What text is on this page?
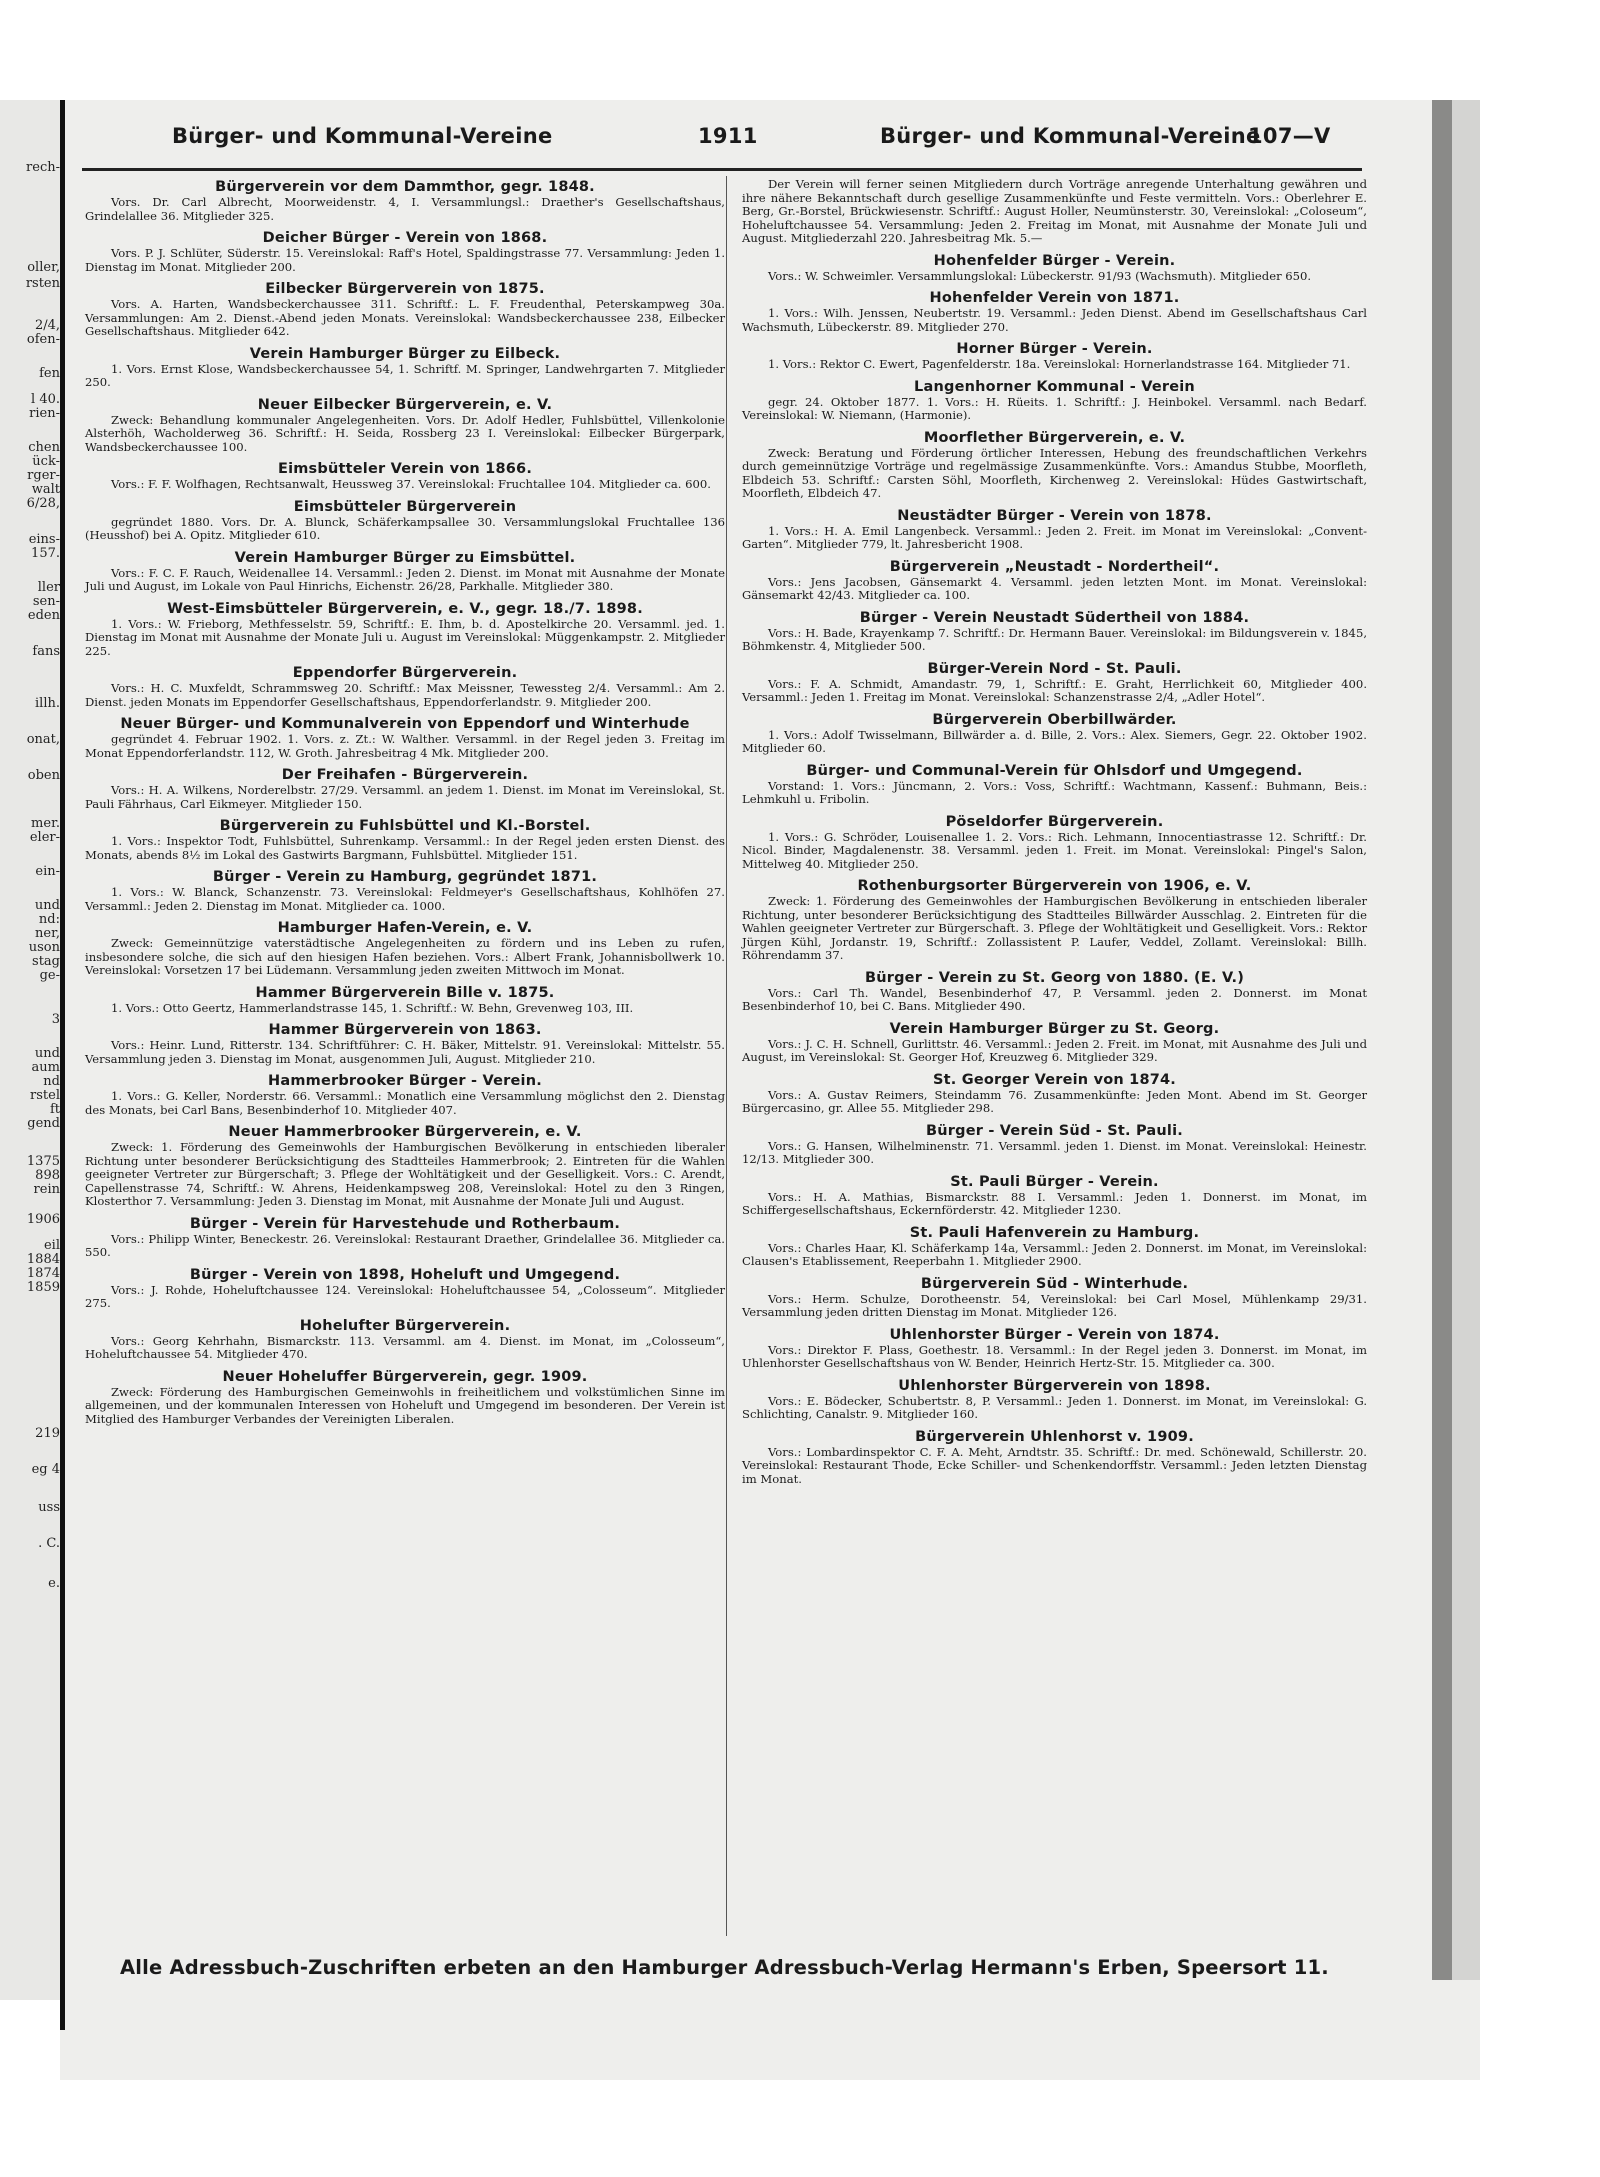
rech-
oller,
rsten
2/4,
ofen-
fen
l 40.
rien-
chen
ück-
rger-
walt
6/28,
eins-
157.
ller
sen-
eden
fans
illh.
onat,
oben
mer.
eler-
ein-
und
nd:
ner,
uson
stag
ge-
3
und
aum
nd
rstel
ft
gend
1375
898
rein
1906
eil
1884
1874
1859
219
eg 4
uss
. C.
e.
Bürger- und Kommunal-Vereine	1911	Bürger- und Kommunal-Vereine
107—V
Bürgerverein vor dem Dammthor, gegr. 1848.
Vors. Dr. Carl Albrecht, Moorweidenstr. 4, I. Versammlungsl.: Draether's Gesellschaftshaus, Grindelallee 36. Mitglieder 325.
Deicher Bürger - Verein von 1868.
Vors. P. J. Schlüter, Süderstr. 15. Vereinslokal: Raff's Hotel, Spaldingstrasse 77. Versammlung: Jeden 1. Dienstag im Monat. Mitglieder 200.
Eilbecker Bürgerverein von 1875.
Vors. A. Harten, Wandsbeckerchaussee 311. Schriftf.: L. F. Freudenthal, Peterskampweg 30a. Versammlungen: Am 2. Dienst.-Abend jeden Monats. Vereinslokal: Wandsbeckerchaussee 238, Eilbecker Gesellschaftshaus. Mitglieder 642.
Verein Hamburger Bürger zu Eilbeck.
1. Vors. Ernst Klose, Wandsbeckerchaussee 54, 1. Schriftf. M. Springer, Landwehrgarten 7. Mitglieder 250.
Neuer Eilbecker Bürgerverein, e. V.
Zweck: Behandlung kommunaler Angelegenheiten. Vors. Dr. Adolf Hedler, Fuhlsbüttel, Villenkolonie Alsterhöh, Wacholderweg 36. Schriftf.: H. Seida, Rossberg 23 I. Vereinslokal: Eilbecker Bürgerpark, Wandsbeckerchaussee 100.
Eimsbütteler Verein von 1866.
Vors.: F. F. Wolfhagen, Rechtsanwalt, Heussweg 37. Vereinslokal: Fruchtallee 104. Mitglieder ca. 600.
Eimsbütteler Bürgerverein
gegründet 1880. Vors. Dr. A. Blunck, Schäferkampsallee 30. Versammlungslokal Fruchtallee 136 (Heusshof) bei A. Opitz. Mitglieder 610.
Verein Hamburger Bürger zu Eimsbüttel.
Vors.: F. C. F. Rauch, Weidenallee 14. Versamml.: Jeden 2. Dienst. im Monat mit Ausnahme der Monate Juli und August, im Lokale von Paul Hinrichs, Eichenstr. 26/28, Parkhalle. Mitglieder 380.
West-Eimsbütteler Bürgerverein, e. V., gegr. 18./7. 1898.
1. Vors.: W. Frieborg, Methfesselstr. 59, Schriftf.: E. Ihm, b. d. Apostelkirche 20. Versamml. jed. 1. Dienstag im Monat mit Ausnahme der Monate Juli u. August im Vereinslokal: Müggenkampstr. 2. Mitglieder 225.
Eppendorfer Bürgerverein.
Vors.: H. C. Muxfeldt, Schrammsweg 20. Schriftf.: Max Meissner, Tewessteg 2/4. Versamml.: Am 2. Dienst. jeden Monats im Eppendorfer Gesellschaftshaus, Eppendorferlandstr. 9. Mitglieder 200.
Neuer Bürger- und Kommunalverein von Eppendorf und Winterhude
gegründet 4. Februar 1902. 1. Vors. z. Zt.: W. Walther. Versamml. in der Regel jeden 3. Freitag im Monat Eppendorferlandstr. 112, W. Groth. Jahresbeitrag 4 Mk. Mitglieder 200.
Der Freihafen - Bürgerverein.
Vors.: H. A. Wilkens, Norderelbstr. 27/29. Versamml. an jedem 1. Dienst. im Monat im Vereinslokal, St. Pauli Fährhaus, Carl Eikmeyer. Mitglieder 150.
Bürgerverein zu Fuhlsbüttel und Kl.-Borstel.
1. Vors.: Inspektor Todt, Fuhlsbüttel, Suhrenkamp. Versamml.: In der Regel jeden ersten Dienst. des Monats, abends 8½ im Lokal des Gastwirts Bargmann, Fuhlsbüttel. Mitglieder 151.
Bürger - Verein zu Hamburg, gegründet 1871.
1. Vors.: W. Blanck, Schanzenstr. 73. Vereinslokal: Feldmeyer's Gesellschaftshaus, Kohlhöfen 27. Versamml.: Jeden 2. Dienstag im Monat. Mitglieder ca. 1000.
Hamburger Hafen-Verein, e. V.
Zweck: Gemeinnützige vaterstädtische Angelegenheiten zu fördern und ins Leben zu rufen, insbesondere solche, die sich auf den hiesigen Hafen beziehen. Vors.: Albert Frank, Johannisbollwerk 10. Vereinslokal: Vorsetzen 17 bei Lüdemann. Versammlung jeden zweiten Mittwoch im Monat.
Hammer Bürgerverein Bille v. 1875.
1. Vors.: Otto Geertz, Hammerlandstrasse 145, 1. Schriftf.: W. Behn, Grevenweg 103, III.
Hammer Bürgerverein von 1863.
Vors.: Heinr. Lund, Ritterstr. 134. Schriftführer: C. H. Bäker, Mittelstr. 91. Vereinslokal: Mittelstr. 55. Versammlung jeden 3. Dienstag im Monat, ausgenommen Juli, August. Mitglieder 210.
Hammerbrooker Bürger - Verein.
1. Vors.: G. Keller, Norderstr. 66. Versamml.: Monatlich eine Versammlung möglichst den 2. Dienstag des Monats, bei Carl Bans, Besenbinderhof 10. Mitglieder 407.
Neuer Hammerbrooker Bürgerverein, e. V.
Zweck: 1. Förderung des Gemeinwohls der Hamburgischen Bevölkerung in entschieden liberaler Richtung unter besonderer Berücksichtigung des Stadtteiles Hammerbrook; 2. Eintreten für die Wahlen geeigneter Vertreter zur Bürgerschaft; 3. Pflege der Wohltätigkeit und der Geselligkeit. Vors.: C. Arendt, Capellenstrasse 74, Schriftf.: W. Ahrens, Heidenkampsweg 208, Vereinslokal: Hotel zu den 3 Ringen, Klosterthor 7. Versammlung: Jeden 3. Dienstag im Monat, mit Ausnahme der Monate Juli und August.
Bürger - Verein für Harvestehude und Rotherbaum.
Vors.: Philipp Winter, Beneckestr. 26. Vereinslokal: Restaurant Draether, Grindelallee 36. Mitglieder ca. 550.
Bürger - Verein von 1898, Hoheluft und Umgegend.
Vors.: J. Rohde, Hoheluftchaussee 124. Vereinslokal: Hoheluftchaussee 54, „Colosseum“. Mitglieder 275.
Hohelufter Bürgerverein.
Vors.: Georg Kehrhahn, Bismarckstr. 113. Versamml. am 4. Dienst. im Monat, im „Colosseum“, Hoheluftchaussee 54. Mitglieder 470.
Neuer Hoheluffer Bürgerverein, gegr. 1909.
Zweck: Förderung des Hamburgischen Gemeinwohls in freiheitlichem und volkstümlichen Sinne im allgemeinen, und der kommunalen Interessen von Hoheluft und Umgegend im besonderen. Der Verein ist Mitglied des Hamburger Verbandes der Vereinigten Liberalen.
Der Verein will ferner seinen Mitgliedern durch Vorträge anregende Unterhaltung gewähren und ihre nähere Bekanntschaft durch gesellige Zusammenkünfte und Feste vermitteln. Vors.: Oberlehrer E. Berg, Gr.-Borstel, Brückwiesenstr. Schriftf.: August Holler, Neumünsterstr. 30, Vereinslokal: „Coloseum“, Hoheluftchaussee 54. Versammlung: Jeden 2. Freitag im Monat, mit Ausnahme der Monate Juli und August. Mitgliederzahl 220. Jahresbeitrag Mk. 5.—
Hohenfelder Bürger - Verein.
Vors.: W. Schweimler. Versammlungslokal: Lübeckerstr. 91/93 (Wachsmuth). Mitglieder 650.
Hohenfelder Verein von 1871.
1. Vors.: Wilh. Jenssen, Neubertstr. 19. Versamml.: Jeden Dienst. Abend im Gesellschaftshaus Carl Wachsmuth, Lübeckerstr. 89. Mitglieder 270.
Horner Bürger - Verein.
1. Vors.: Rektor C. Ewert, Pagenfelderstr. 18a. Vereinslokal: Hornerlandstrasse 164. Mitglieder 71.
Langenhorner Kommunal - Verein
gegr. 24. Oktober 1877. 1. Vors.: H. Rüeits. 1. Schriftf.: J. Heinbokel. Versamml. nach Bedarf. Vereinslokal: W. Niemann, (Harmonie).
Moorflether Bürgerverein, e. V.
Zweck: Beratung und Förderung örtlicher Interessen, Hebung des freundschaftlichen Verkehrs durch gemeinnützige Vorträge und regelmässige Zusammenkünfte. Vors.: Amandus Stubbe, Moorfleth, Elbdeich 53. Schriftf.: Carsten Söhl, Moorfleth, Kirchenweg 2. Vereinslokal: Hüdes Gastwirtschaft, Moorfleth, Elbdeich 47.
Neustädter Bürger - Verein von 1878.
1. Vors.: H. A. Emil Langenbeck. Versamml.: Jeden 2. Freit. im Monat im Vereinslokal: „Convent-Garten“. Mitglieder 779, lt. Jahresbericht 1908.
Bürgerverein „Neustadt - Nordertheil“.
Vors.: Jens Jacobsen, Gänsemarkt 4. Versamml. jeden letzten Mont. im Monat. Vereinslokal: Gänsemarkt 42/43. Mitglieder ca. 100.
Bürger - Verein Neustadt Südertheil von 1884.
Vors.: H. Bade, Krayenkamp 7. Schriftf.: Dr. Hermann Bauer. Vereinslokal: im Bildungsverein v. 1845, Böhmkenstr. 4, Mitglieder 500.
Bürger-Verein Nord - St. Pauli.
Vors.: F. A. Schmidt, Amandastr. 79, 1, Schriftf.: E. Graht, Herrlichkeit 60, Mitglieder 400. Versamml.: Jeden 1. Freitag im Monat. Vereinslokal: Schanzenstrasse 2/4, „Adler Hotel“.
Bürgerverein Oberbillwärder.
1. Vors.: Adolf Twisselmann, Billwärder a. d. Bille, 2. Vors.: Alex. Siemers, Gegr. 22. Oktober 1902. Mitglieder 60.
Bürger- und Communal-Verein für Ohlsdorf und Umgegend.
Vorstand: 1. Vors.: Jüncmann, 2. Vors.: Voss, Schriftf.: Wachtmann, Kassenf.: Buhmann, Beis.: Lehmkuhl u. Fribolin.
Pöseldorfer Bürgerverein.
1. Vors.: G. Schröder, Louisenallee 1. 2. Vors.: Rich. Lehmann, Innocentiastrasse 12. Schriftf.: Dr. Nicol. Binder, Magdalenenstr. 38. Versamml. jeden 1. Freit. im Monat. Vereinslokal: Pingel's Salon, Mittelweg 40. Mitglieder 250.
Rothenburgsorter Bürgerverein von 1906, e. V.
Zweck: 1. Förderung des Gemeinwohles der Hamburgischen Bevölkerung in entschieden liberaler Richtung, unter besonderer Berücksichtigung des Stadtteiles Billwärder Ausschlag. 2. Eintreten für die Wahlen geeigneter Vertreter zur Bürgerschaft. 3. Pflege der Wohltätigkeit und Geselligkeit. Vors.: Rektor Jürgen Kühl, Jordanstr. 19, Schriftf.: Zollassistent P. Laufer, Veddel, Zollamt. Vereinslokal: Billh. Röhrendamm 37.
Bürger - Verein zu St. Georg von 1880. (E. V.)
Vors.: Carl Th. Wandel, Besenbinderhof 47, P. Versamml. jeden 2. Donnerst. im Monat Besenbinderhof 10, bei C. Bans. Mitglieder 490.
Verein Hamburger Bürger zu St. Georg.
Vors.: J. C. H. Schnell, Gurlittstr. 46. Versamml.: Jeden 2. Freit. im Monat, mit Ausnahme des Juli und August, im Vereinslokal: St. Georger Hof, Kreuzweg 6. Mitglieder 329.
St. Georger Verein von 1874.
Vors.: A. Gustav Reimers, Steindamm 76. Zusammenkünfte: Jeden Mont. Abend im St. Georger Bürgercasino, gr. Allee 55. Mitglieder 298.
Bürger - Verein Süd - St. Pauli.
Vors.: G. Hansen, Wilhelminenstr. 71. Versamml. jeden 1. Dienst. im Monat. Vereinslokal: Heinestr. 12/13. Mitglieder 300.
St. Pauli Bürger - Verein.
Vors.: H. A. Mathias, Bismarckstr. 88 I. Versamml.: Jeden 1. Donnerst. im Monat, im Schiffergesellschaftshaus, Eckernförderstr. 42. Mitglieder 1230.
St. Pauli Hafenverein zu Hamburg.
Vors.: Charles Haar, Kl. Schäferkamp 14a, Versamml.: Jeden 2. Donnerst. im Monat, im Vereinslokal: Clausen's Etablissement, Reeperbahn 1. Mitglieder 2900.
Bürgerverein Süd - Winterhude.
Vors.: Herm. Schulze, Dorotheenstr. 54, Vereinslokal: bei Carl Mosel, Mühlenkamp 29/31. Versammlung jeden dritten Dienstag im Monat. Mitglieder 126.
Uhlenhorster Bürger - Verein von 1874.
Vors.: Direktor F. Plass, Goethestr. 18. Versamml.: In der Regel jeden 3. Donnerst. im Monat, im Uhlenhorster Gesellschaftshaus von W. Bender, Heinrich Hertz-Str. 15. Mitglieder ca. 300.
Uhlenhorster Bürgerverein von 1898.
Vors.: E. Bödecker, Schubertstr. 8, P. Versamml.: Jeden 1. Donnerst. im Monat, im Vereinslokal: G. Schlichting, Canalstr. 9. Mitglieder 160.
Bürgerverein Uhlenhorst v. 1909.
Vors.: Lombardinspektor C. F. A. Meht, Arndtstr. 35. Schriftf.: Dr. med. Schönewald, Schillerstr. 20. Vereinslokal: Restaurant Thode, Ecke Schiller- und Schenkendorffstr. Versamml.: Jeden letzten Dienstag im Monat.
Alle Adressbuch-Zuschriften erbeten an den Hamburger Adressbuch-Verlag Hermann's Erben, Speersort 11.
